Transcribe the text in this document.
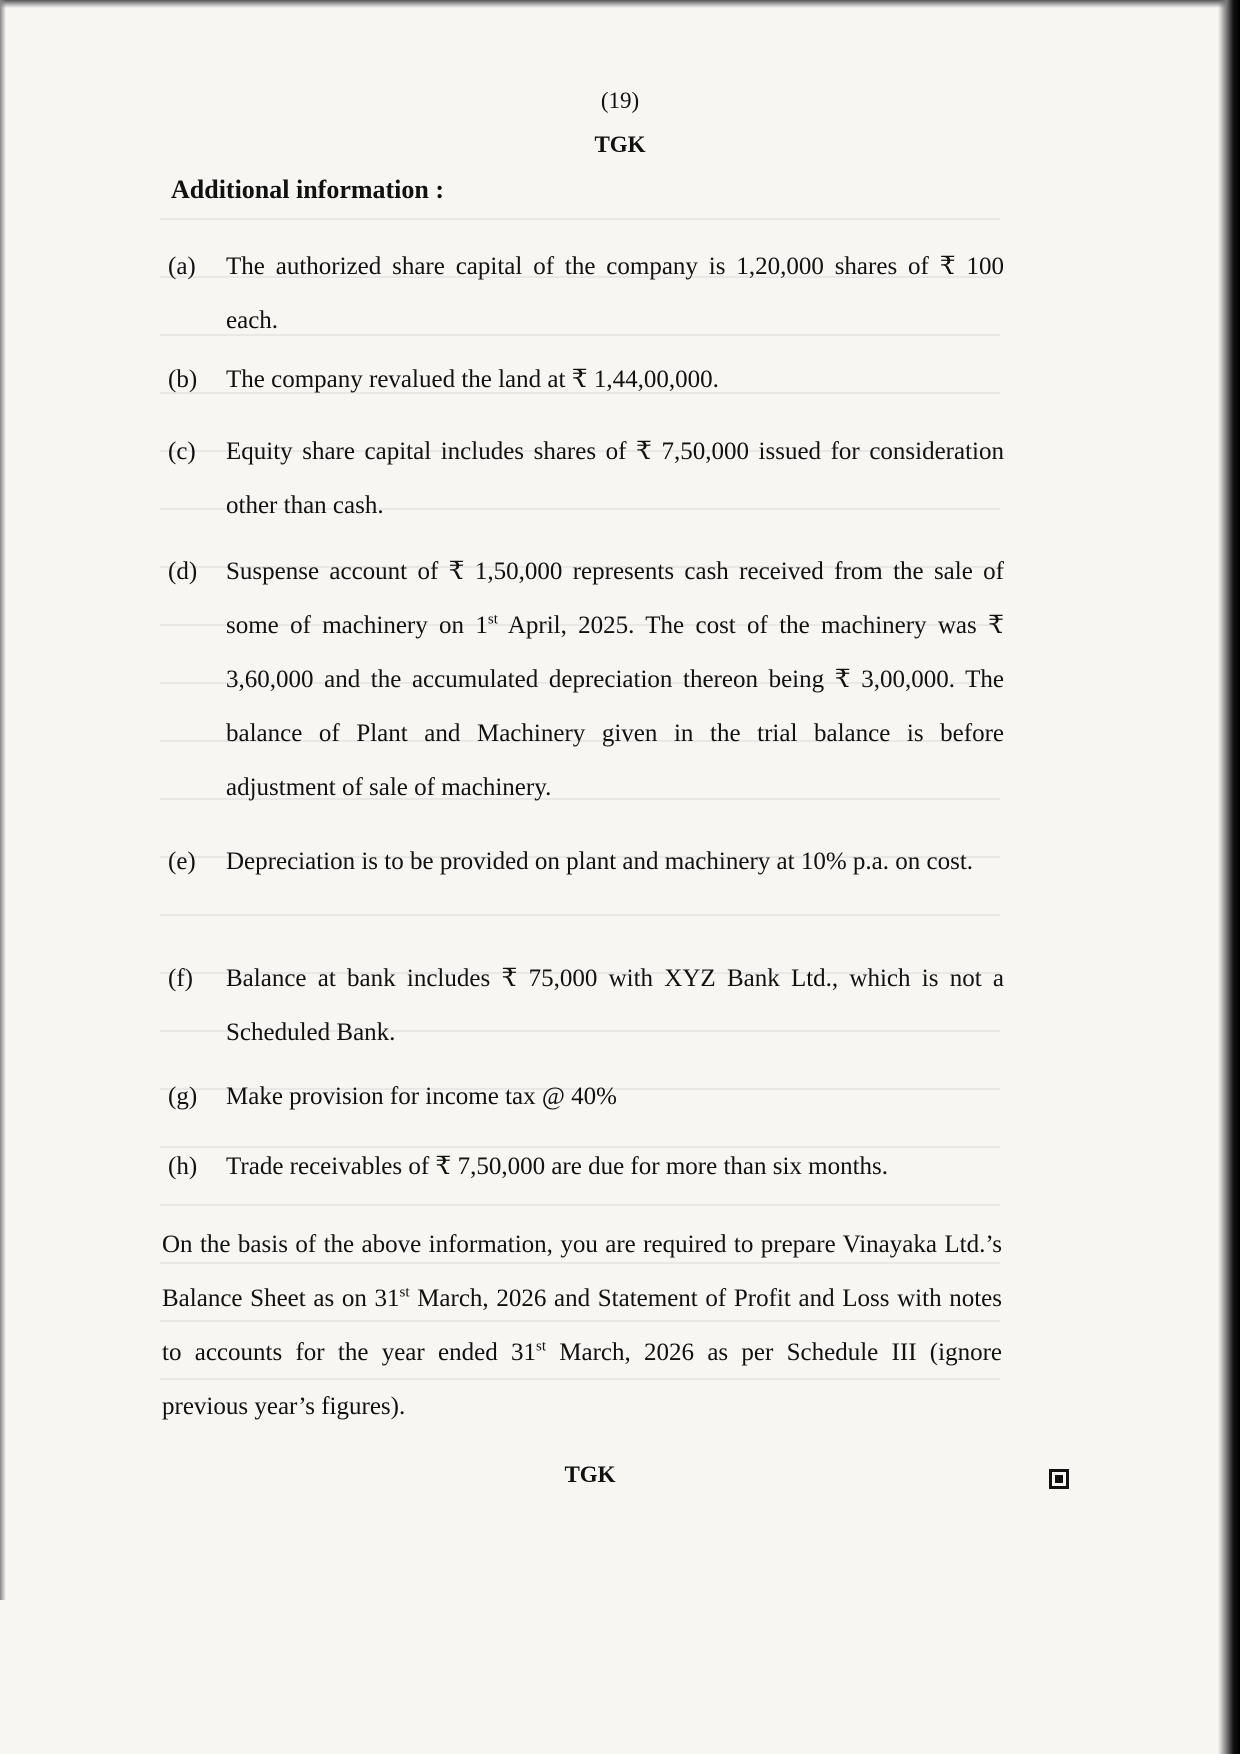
(19)
TGK
Additional information :
(a)	The authorized share capital of the company is 1,20,000 shares of ₹ 100 each.
(b)	The company revalued the land at ₹ 1,44,00,000.
(c)	Equity share capital includes shares of ₹ 7,50,000 issued for consideration other than cash.
(d)	Suspense account of ₹ 1,50,000 represents cash received from the sale of some of machinery on 1st April, 2025. The cost of the machinery was ₹ 3,60,000 and the accumulated depreciation thereon being ₹ 3,00,000. The balance of Plant and Machinery given in the trial balance is before adjustment of sale of machinery.
(e)	Depreciation is to be provided on plant and machinery at 10% p.a. on cost.
(f)	Balance at bank includes ₹ 75,000 with XYZ Bank Ltd., which is not a Scheduled Bank.
(g)	Make provision for income tax @ 40%
(h)	Trade receivables of ₹ 7,50,000 are due for more than six months.
On the basis of the above information, you are required to prepare Vinayaka Ltd.’s Balance Sheet as on 31st March, 2026 and Statement of Profit and Loss with notes to accounts for the year ended 31st March, 2026 as per Schedule III (ignore previous year’s figures).
TGK
